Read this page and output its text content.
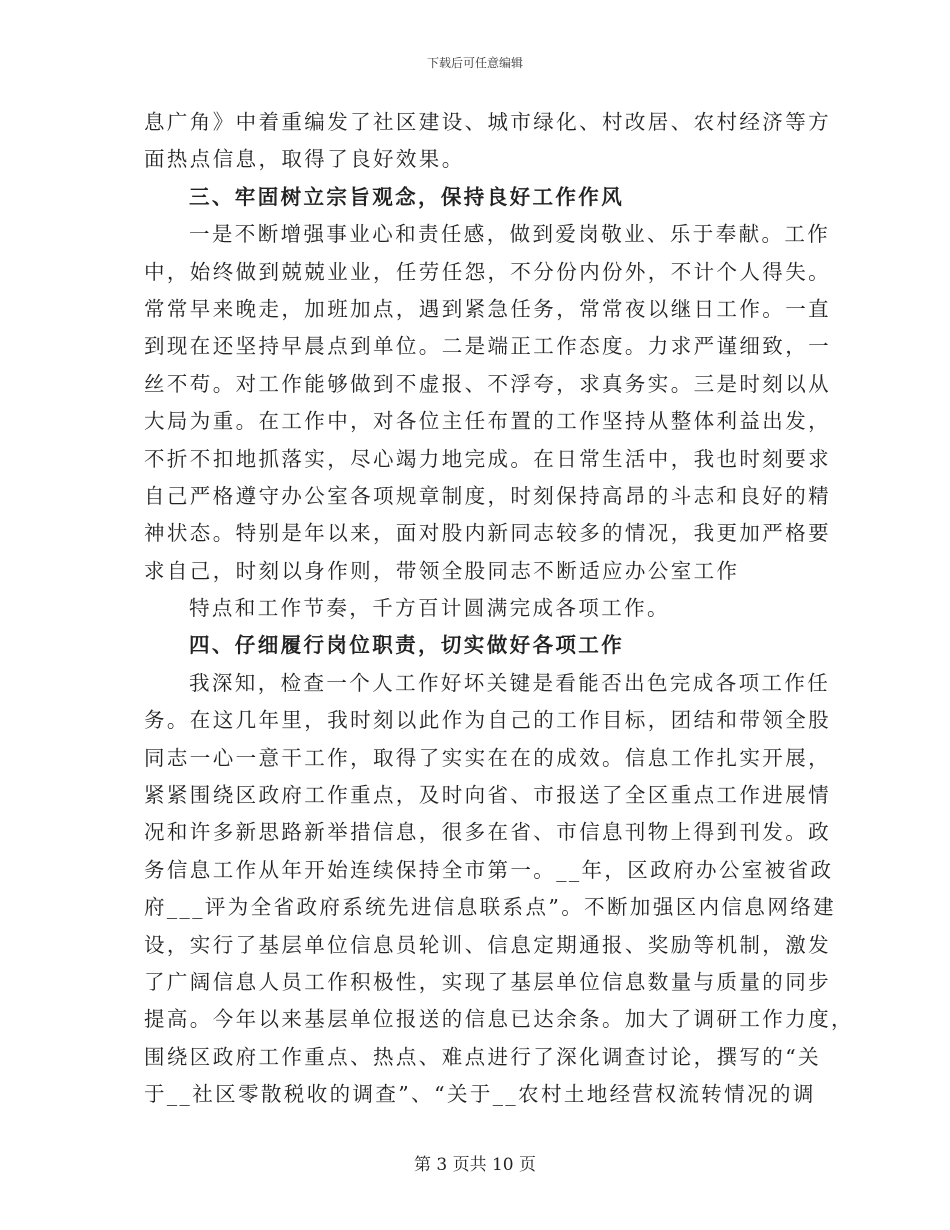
下载后可任意编辑
息广角》中着重编发了社区建设、城市绿化、村改居、农村经济等方
面热点信息，取得了良好效果。
三、牢固树立宗旨观念，保持良好工作作风
一是不断增强事业心和责任感，做到爱岗敬业、乐于奉献。工作
中，始终做到兢兢业业，任劳任怨，不分份内份外，不计个人得失。
常常早来晚走，加班加点，遇到紧急任务，常常夜以继日工作。一直
到现在还坚持早晨点到单位。二是端正工作态度。力求严谨细致，一
丝不苟。对工作能够做到不虚报、不浮夸，求真务实。三是时刻以从
大局为重。在工作中，对各位主任布置的工作坚持从整体利益出发，
不折不扣地抓落实，尽心竭力地完成。在日常生活中，我也时刻要求
自己严格遵守办公室各项规章制度，时刻保持高昂的斗志和良好的精
神状态。特别是年以来，面对股内新同志较多的情况，我更加严格要
求自己，时刻以身作则，带领全股同志不断适应办公室工作
特点和工作节奏，千方百计圆满完成各项工作。
四、仔细履行岗位职责，切实做好各项工作
我深知，检查一个人工作好坏关键是看能否出色完成各项工作任
务。在这几年里，我时刻以此作为自己的工作目标，团结和带领全股
同志一心一意干工作，取得了实实在在的成效。信息工作扎实开展，
紧紧围绕区政府工作重点，及时向省、市报送了全区重点工作进展情
况和许多新思路新举措信息，很多在省、市信息刊物上得到刊发。政
务信息工作从年开始连续保持全市第一。__年，区政府办公室被省政
府___评为全省政府系统先进信息联系点”。不断加强区内信息网络建
设，实行了基层单位信息员轮训、信息定期通报、奖励等机制，激发
了广阔信息人员工作积极性，实现了基层单位信息数量与质量的同步
提高。今年以来基层单位报送的信息已达余条。加大了调研工作力度，
围绕区政府工作重点、热点、难点进行了深化调查讨论，撰写的“关
于__社区零散税收的调查”、“关于__农村土地经营权流转情况的调
第 3 页共 10 页
